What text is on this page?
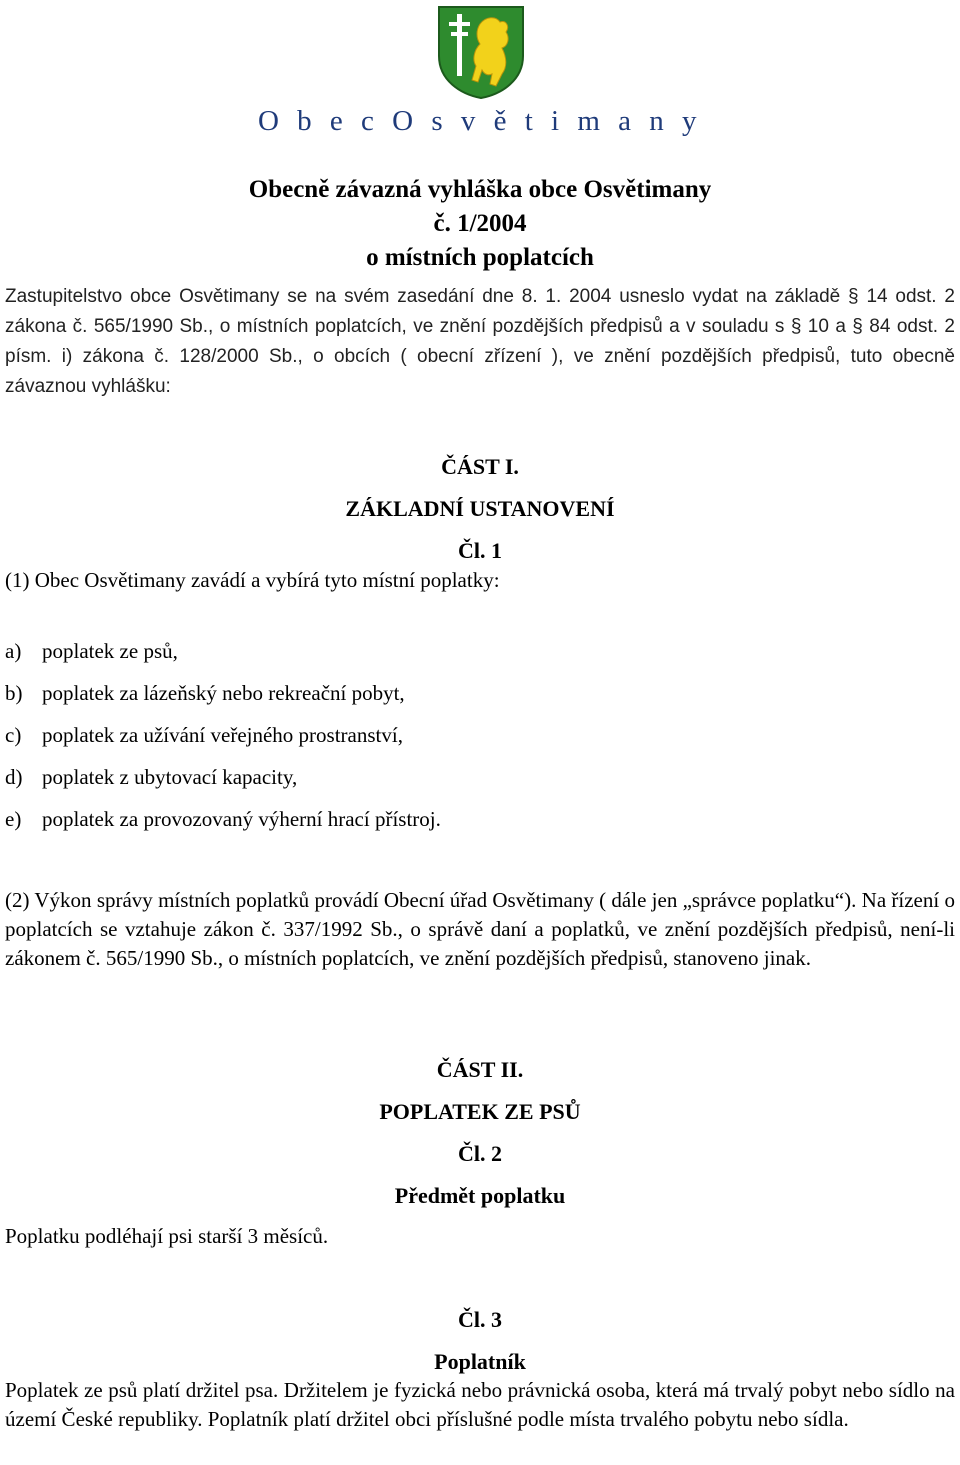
O b e c O s v ě t i m a n y
Obecně závazná vyhláška obce Osvětimany
č. 1/2004
o místních poplatcích
Zastupitelstvo obce Osvětimany se na svém zasedání dne 8. 1. 2004 usneslo vydat na základě § 14 odst. 2 zákona č. 565/1990 Sb., o místních poplatcích, ve znění pozdějších předpisů a v souladu s § 10 a § 84 odst. 2 písm. i) zákona č. 128/2000 Sb., o obcích ( obecní zřízení ), ve znění pozdějších předpisů, tuto obecně závaznou vyhlášku:
ČÁST I.
ZÁKLADNÍ USTANOVENÍ
Čl. 1
(1) Obec Osvětimany zavádí a vybírá tyto místní poplatky:
a) poplatek ze psů,
b) poplatek za lázeňský nebo rekreační pobyt,
c) poplatek za užívání veřejného prostranství,
d) poplatek z ubytovací kapacity,
e) poplatek za provozovaný výherní hrací přístroj.
(2) Výkon správy místních poplatků provádí Obecní úřad Osvětimany ( dále jen „správce poplatku“). Na řízení o poplatcích se vztahuje zákon č. 337/1992 Sb., o správě daní a poplatků, ve znění pozdějších předpisů, není-li zákonem č. 565/1990 Sb., o místních poplatcích, ve znění pozdějších předpisů, stanoveno jinak.
ČÁST II.
POPLATEK ZE PSŮ
Čl. 2
Předmět poplatku
Poplatku podléhají psi starší 3 měsíců.
Čl. 3
Poplatník
Poplatek ze psů platí držitel psa. Držitelem je fyzická nebo právnická osoba, která má trvalý pobyt nebo sídlo na území České republiky. Poplatník platí držitel obci příslušné podle místa trvalého pobytu nebo sídla.
